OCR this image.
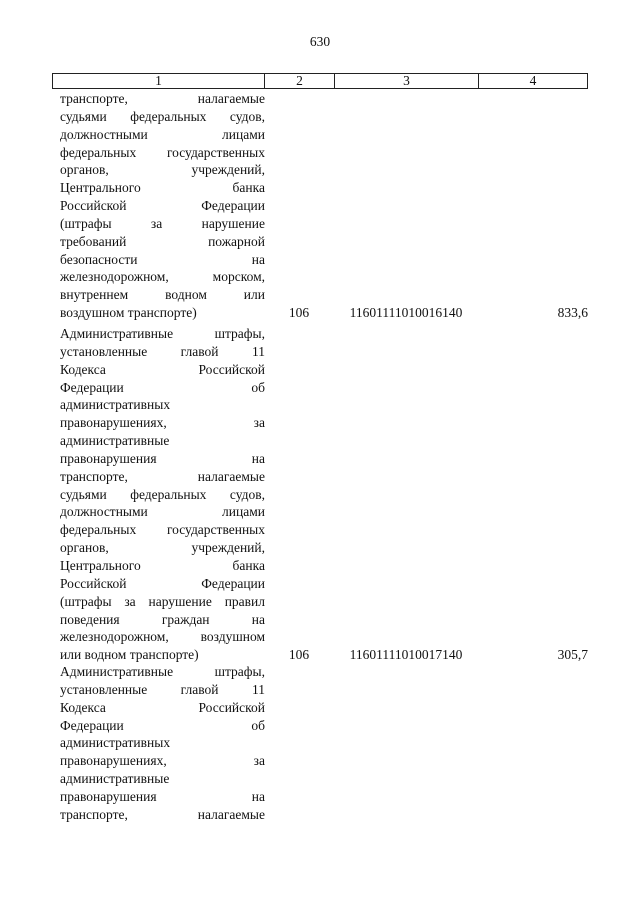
630
1	2	3	4
транспорте, налагаемые
судьями федеральных судов,
должностными лицами
федеральных государственных
органов, учреждений,
Центрального банка
Российской Федерации
(штрафы за нарушение
требований пожарной
безопасности на
железнодорожном, морском,
внутреннем водном или
воздушном транспорте)	106	11601111010016140	833,6
Административные штрафы,
установленные главой 11
Кодекса Российской
Федерации об
административных
правонарушениях, за
административные
правонарушения на
транспорте, налагаемые
судьями федеральных судов,
должностными лицами
федеральных государственных
органов, учреждений,
Центрального банка
Российской Федерации
(штрафы за нарушение правил
поведения граждан на
железнодорожном, воздушном
или водном транспорте)	106	11601111010017140	305,7
Административные штрафы,
установленные главой 11
Кодекса Российской
Федерации об
административных
правонарушениях, за
административные
правонарушения на
транспорте, налагаемые
